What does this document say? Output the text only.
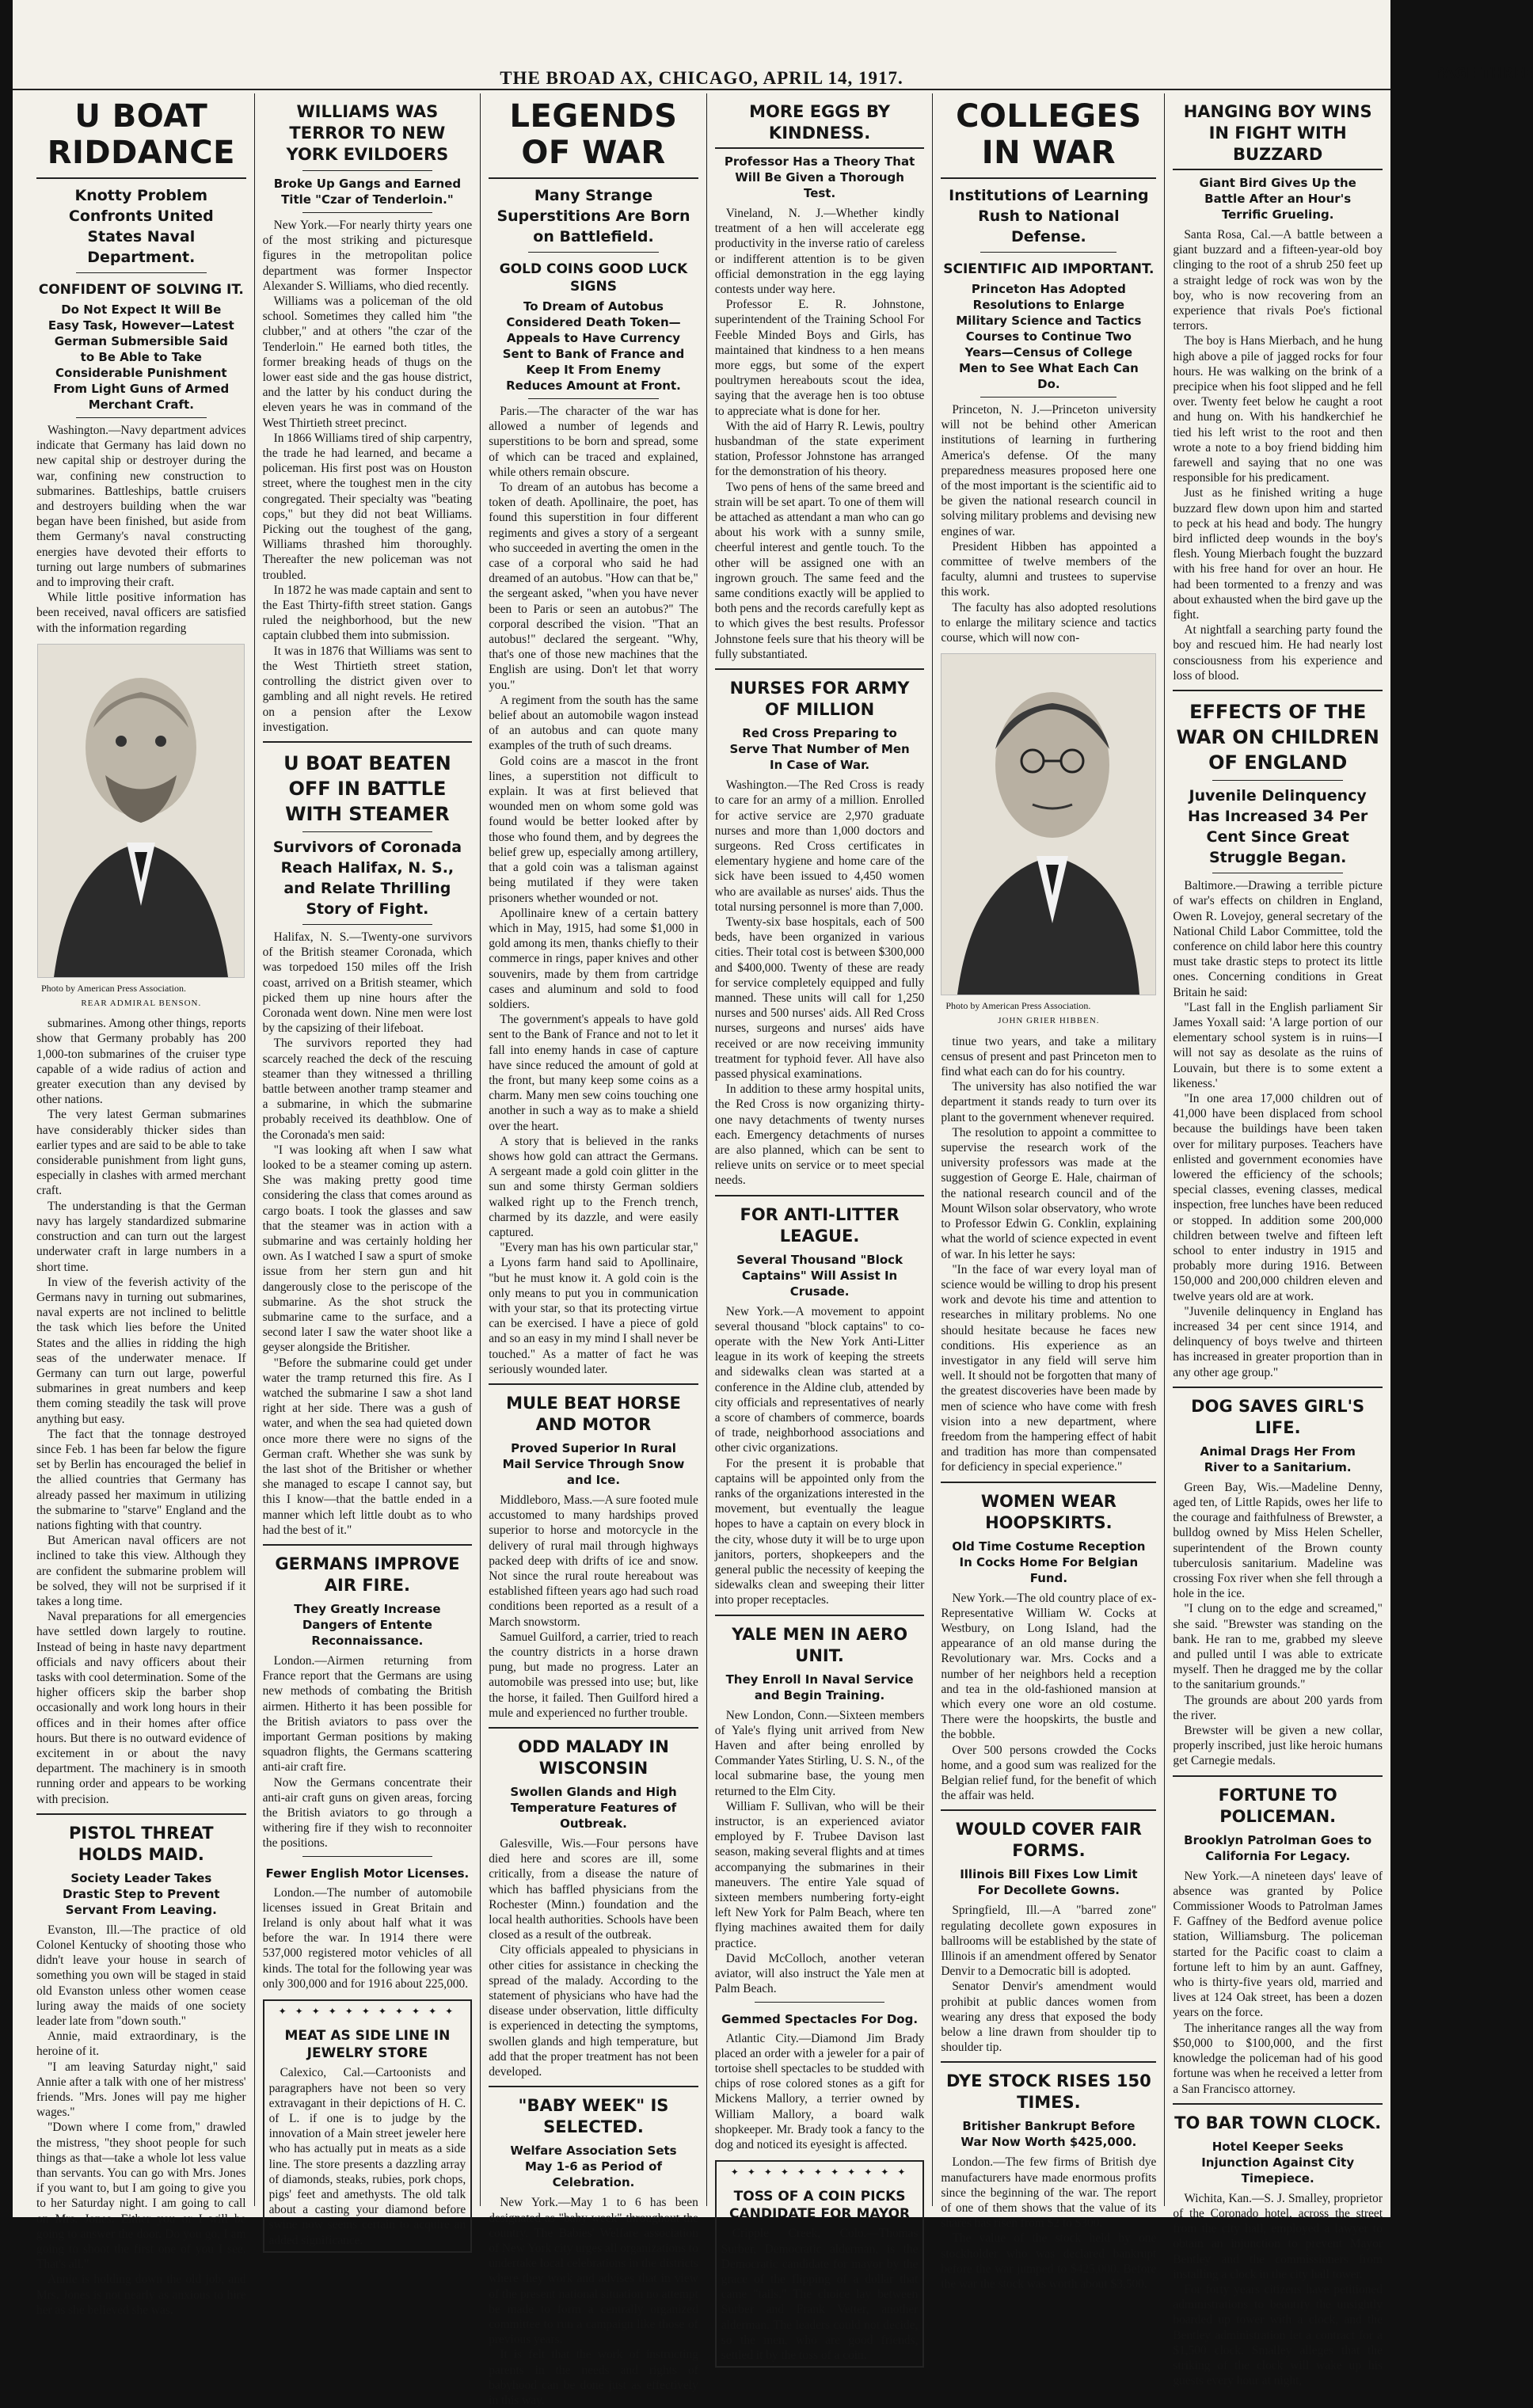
THE BROAD AX, CHICAGO, APRIL 14, 1917.	PAGE THREE
U BOAT RIDDANCE
Knotty Problem Confronts United States Naval Department.
CONFIDENT OF SOLVING IT.
Do Not Expect It Will Be Easy Task, However—Latest German Submersible Said to Be Able to Take Considerable Punishment From Light Guns of Armed Merchant Craft.

Washington.—Navy department advices indicate that Germany has laid down no new capital ship or destroyer during the war, confining new construction to submarines. Battleships, battle cruisers and destroyers building when the war began have been finished, but aside from them Germany's naval constructing energies have devoted their efforts to turning out large numbers of submarines and to improving their craft.

While little positive information has been received, naval officers are satisfied with the information regarding

Photo by American Press Association.
REAR ADMIRAL BENSON.

submarines. Among other things, reports show that Germany probably has 200 1,000-ton submarines of the cruiser type capable of a wide radius of action and greater execution than any devised by other nations.

The very latest German submarines have considerably thicker sides than earlier types and are said to be able to take considerable punishment from light guns, especially in clashes with armed merchant craft.

The understanding is that the German navy has largely standardized submarine construction and can turn out the largest underwater craft in large numbers in a short time.

In view of the feverish activity of the Germans navy in turning out submarines, naval experts are not inclined to belittle the task which lies before the United States and the allies in ridding the high seas of the underwater menace. If Germany can turn out large, powerful submarines in great numbers and keep them coming steadily the task will prove anything but easy.

The fact that the tonnage destroyed since Feb. 1 has been far below the figure set by Berlin has encouraged the belief in the allied countries that Germany has already passed her maximum in utilizing the submarine to "starve" England and the nations fighting with that country.

But American naval officers are not inclined to take this view. Although they are confident the submarine problem will be solved, they will not be surprised if it takes a long time.

Naval preparations for all emergencies have settled down largely to routine. Instead of being in haste navy department officials and navy officers about their tasks with cool determination. Some of the higher officers skip the barber shop occasionally and work long hours in their offices and in their homes after office hours. But there is no outward evidence of excitement in or about the navy department. The machinery is in smooth running order and appears to be working with precision.

PISTOL THREAT HOLDS MAID.
Society Leader Takes Drastic Step to Prevent Servant From Leaving.

Evanston, Ill.—The practice of old Colonel Kentucky of shooting those who didn't leave your house in search of something you own will be staged in staid old Evanston unless other women cease luring away the maids of one society leader late from "down south."

Annie, maid extraordinary, is the heroine of it.

"I am leaving Saturday night," said Annie after a talk with one of her mistress' friends. "Mrs. Jones will pay me higher wages."

"Down where I come from," drawled the mistress, "they shoot people for such things as that—take a whole lot less value than servants. You can go with Mrs. Jones if you want to, but I am going to give you to her Saturday night. I am going to call on Mrs. Jones. Either you or I will be going to answer the door. Do you go, I am going to shoot the first one of you I see. That's all."

Annie is holding down the old job, and Mrs. Jones is not nearly as anxious to hire her as she believed she was.

WILLIAMS WAS TERROR TO NEW YORK EVILDOERS
Broke Up Gangs and Earned Title "Czar of Tenderloin."

New York.—For nearly thirty years one of the most striking and picturesque figures in the metropolitan police department was former Inspector Alexander S. Williams, who died recently.

Williams was a policeman of the old school. Sometimes they called him "the clubber," and at others "the czar of the Tenderloin." He earned both titles, the former breaking heads of thugs on the lower east side and the gas house district, and the latter by his conduct during the eleven years he was in command of the West Thirtieth street precinct.

In 1866 Williams tired of ship carpentry, the trade he had learned, and became a policeman. His first post was on Houston street, where the toughest men in the city congregated. Their specialty was "beating cops," but they did not beat Williams. Picking out the toughest of the gang, Williams thrashed him thoroughly. Thereafter the new policeman was not troubled.

In 1872 he was made captain and sent to the East Thirty-fifth street station. Gangs ruled the neighborhood, but the new captain clubbed them into submission.

It was in 1876 that Williams was sent to the West Thirtieth street station, controlling the district given over to gambling and all night revels. He retired on a pension after the Lexow investigation.

U BOAT BEATEN OFF IN BATTLE WITH STEAMER
Survivors of Coronada Reach Halifax, N. S., and Relate Thrilling Story of Fight.

Halifax, N. S.—Twenty-one survivors of the British steamer Coronada, which was torpedoed 150 miles off the Irish coast, arrived on a British steamer, which picked them up nine hours after the Coronada went down. Nine men were lost by the capsizing of their lifeboat.

The survivors reported they had scarcely reached the deck of the rescuing steamer than they witnessed a thrilling battle between another tramp steamer and a submarine, in which the submarine probably received its deathblow. One of the Coronada's men said:

"I was looking aft when I saw what looked to be a steamer coming up astern. She was making pretty good time considering the class that comes around as cargo boats. I took the glasses and saw that the steamer was in action with a submarine and was certainly holding her own. As I watched I saw a spurt of smoke issue from her stern gun and hit dangerously close to the periscope of the submarine. As the shot struck the submarine came to the surface, and a second later I saw the water shoot like a geyser alongside the Britisher.

"Before the submarine could get under water the tramp returned this fire. As I watched the submarine I saw a shot land right at her side. There was a gush of water, and when the sea had quieted down once more there were no signs of the German craft. Whether she was sunk by the last shot of the Britisher or whether she managed to escape I cannot say, but this I know—that the battle ended in a manner which left little doubt as to who had the best of it."

GERMANS IMPROVE AIR FIRE.
They Greatly Increase Dangers of Entente Reconnaissance.

London.—Airmen returning from France report that the Germans are using new methods of combating the British airmen. Hitherto it has been possible for the British aviators to pass over the important German positions by making squadron flights, the Germans scattering anti-air craft fire.

Now the Germans concentrate their anti-air craft guns on given areas, forcing the British aviators to go through a withering fire if they wish to reconnoiter the positions.

Fewer English Motor Licenses.

London.—The number of automobile licenses issued in Great Britain and Ireland is only about half what it was before the war. In 1914 there were 537,000 registered motor vehicles of all kinds. The total for the following year was only 300,000 and for 1916 about 225,000.

✦ ✦ ✦ ✦ ✦ ✦ ✦ ✦ ✦ ✦ ✦
MEAT AS SIDE LINE IN JEWELRY STORE

Calexico, Cal.—Cartoonists and paragraphers have not been so very extravagant in their depictions of H. C. of L. if one is to judge by the innovation of a Main street jeweler here who has actually put in meats as a side line. The store presents a dazzling array of diamonds, steaks, rubies, pork chops, pigs' feet and amethysts. The old talk about a casting your diamond before swine now seems certain to acquire an added significance.

LEGENDS OF WAR
Many Strange Superstitions Are Born on Battlefield.
GOLD COINS GOOD LUCK SIGNS
To Dream of Autobus Considered Death Token—Appeals to Have Currency Sent to Bank of France and Keep It From Enemy Reduces Amount at Front.

Paris.—The character of the war has allowed a number of legends and superstitions to be born and spread, some of which can be traced and explained, while others remain obscure.

To dream of an autobus has become a token of death. Apollinaire, the poet, has found this superstition in four different regiments and gives a story of a sergeant who succeeded in averting the omen in the case of a corporal who said he had dreamed of an autobus. "How can that be," the sergeant asked, "when you have never been to Paris or seen an autobus?" The corporal described the vision. "That an autobus!" declared the sergeant. "Why, that's one of those new machines that the English are using. Don't let that worry you."

A regiment from the south has the same belief about an automobile wagon instead of an autobus and can quote many examples of the truth of such dreams.

Gold coins are a mascot in the front lines, a superstition not difficult to explain. It was at first believed that wounded men on whom some gold was found would be better looked after by those who found them, and by degrees the belief grew up, especially among artillery, that a gold coin was a talisman against being mutilated if they were taken prisoners whether wounded or not.

Apollinaire knew of a certain battery which in May, 1915, had some $1,000 in gold among its men, thanks chiefly to their commerce in rings, paper knives and other souvenirs, made by them from cartridge cases and aluminum and sold to food soldiers.

The government's appeals to have gold sent to the Bank of France and not to let it fall into enemy hands in case of capture have since reduced the amount of gold at the front, but many keep some coins as a charm. Many men sew coins touching one another in such a way as to make a shield over the heart.

A story that is believed in the ranks shows how gold can attract the Germans. A sergeant made a gold coin glitter in the sun and some thirsty German soldiers walked right up to the French trench, charmed by its dazzle, and were easily captured.

"Every man has his own particular star," a Lyons farm hand said to Apollinaire, "but he must know it. A gold coin is the only means to put you in communication with your star, so that its protecting virtue can be exercised. I have a piece of gold and so an easy in my mind I shall never be touched." As a matter of fact he was seriously wounded later.

MULE BEAT HORSE AND MOTOR
Proved Superior In Rural Mail Service Through Snow and Ice.

Middleboro, Mass.—A sure footed mule accustomed to many hardships proved superior to horse and motorcycle in the delivery of rural mail through highways packed deep with drifts of ice and snow. Not since the rural route hereabout was established fifteen years ago had such road conditions been reported as a result of a March snowstorm.

Samuel Guilford, a carrier, tried to reach the country districts in a horse drawn pung, but made no progress. Later an automobile was pressed into use; but, like the horse, it failed. Then Guilford hired a mule and experienced no further trouble.

ODD MALADY IN WISCONSIN
Swollen Glands and High Temperature Features of Outbreak.

Galesville, Wis.—Four persons have died here and scores are ill, some critically, from a disease the nature of which has baffled physicians from the Rochester (Minn.) foundation and the local health authorities. Schools have been closed as a result of the outbreak.

City officials appealed to physicians in other cities for assistance in checking the spread of the malady. According to the statement of physicians who have had the disease under observation, little difficulty is experienced in detecting the symptoms, swollen glands and high temperature, but add that the proper treatment has not been developed.

"BABY WEEK" IS SELECTED.
Welfare Association Sets May 1-6 as Period of Celebration.

New York.—May 1 to 6 has been designated as "baby week" throughout the country. The Babies' Welfare association of New York city urges all organizations to undertake local celebrations in the districts where they work and advises that in view of the present national situation no attempt be made to form a centrally organized committee to run a campaign like those of previous years.

It is felt that the work of instructing parents in the needs and rights of babyhood can be done just as effectively in this way.

MORE EGGS BY KINDNESS.
Professor Has a Theory That Will Be Given a Thorough Test.

Vineland, N. J.—Whether kindly treatment of a hen will accelerate egg productivity in the inverse ratio of careless or indifferent attention is to be given official demonstration in the egg laying contests under way here.

Professor E. R. Johnstone, superintendent of the Training School For Feeble Minded Boys and Girls, has maintained that kindness to a hen means more eggs, but some of the expert poultrymen hereabouts scout the idea, saying that the average hen is too obtuse to appreciate what is done for her.

With the aid of Harry R. Lewis, poultry husbandman of the state experiment station, Professor Johnstone has arranged for the demonstration of his theory.

Two pens of hens of the same breed and strain will be set apart. To one of them will be attached as attendant a man who can go about his work with a sunny smile, cheerful interest and gentle touch. To the other will be assigned one with an ingrown grouch. The same feed and the same conditions exactly will be applied to both pens and the records carefully kept as to which gives the best results. Professor Johnstone feels sure that his theory will be fully substantiated.

NURSES FOR ARMY OF MILLION
Red Cross Preparing to Serve That Number of Men In Case of War.

Washington.—The Red Cross is ready to care for an army of a million. Enrolled for active service are 2,970 graduate nurses and more than 1,000 doctors and surgeons. Red Cross certificates in elementary hygiene and home care of the sick have been issued to 4,450 women who are available as nurses' aids. Thus the total nursing personnel is more than 7,000.

Twenty-six base hospitals, each of 500 beds, have been organized in various cities. Their total cost is between $300,000 and $400,000. Twenty of these are ready for service completely equipped and fully manned. These units will call for 1,250 nurses and 500 nurses' aids. All Red Cross nurses, surgeons and nurses' aids have received or are now receiving immunity treatment for typhoid fever. All have also passed physical examinations.

In addition to these army hospital units, the Red Cross is now organizing thirty-one navy detachments of twenty nurses each. Emergency detachments of nurses are also planned, which can be sent to relieve units on service or to meet special needs.

FOR ANTI-LITTER LEAGUE.
Several Thousand "Block Captains" Will Assist In Crusade.

New York.—A movement to appoint several thousand "block captains" to co-operate with the New York Anti-Litter league in its work of keeping the streets and sidewalks clean was started at a conference in the Aldine club, attended by city officials and representatives of nearly a score of chambers of commerce, boards of trade, neighborhood associations and other civic organizations.

For the present it is probable that captains will be appointed only from the ranks of the organizations interested in the movement, but eventually the league hopes to have a captain on every block in the city, whose duty it will be to urge upon janitors, porters, shopkeepers and the general public the necessity of keeping the sidewalks clean and sweeping their litter into proper receptacles.

YALE MEN IN AERO UNIT.
They Enroll In Naval Service and Begin Training.

New London, Conn.—Sixteen members of Yale's flying unit arrived from New Haven and after being enrolled by Commander Yates Stirling, U. S. N., of the local submarine base, the young men returned to the Elm City.

William F. Sullivan, who will be their instructor, is an experienced aviator employed by F. Trubee Davison last season, making several flights and at times accompanying the submarines in their maneuvers. The entire Yale squad of sixteen members numbering forty-eight left New York for Palm Beach, where ten flying machines awaited them for daily practice.

David McColloch, another veteran aviator, will also instruct the Yale men at Palm Beach.

Gemmed Spectacles For Dog.

Atlantic City.—Diamond Jim Brady placed an order with a jeweler for a pair of tortoise shell spectacles to be studded with chips of rose colored stones as a gift for Mickens Mallory, a terrier owned by William Mallory, a board walk shopkeeper. Mr. Brady took a fancy to the dog and noticed its eyesight is affected.

✦ ✦ ✦ ✦ ✦ ✦ ✦ ✦ ✦ ✦ ✦
TOSS OF A COIN PICKS CANDIDATE FOR MAYOR

Cripple Creek, Colo.—Thomas Surber, Democratic alderman, is the Democratic candidate for mayor by the grace of the flipping of a dollar that came "tails." The choice lay between Surber and Frank Vetter, another alderman. The leaders could not decide, so the men, who are good friends, settled it by the toss of a coin.

COLLEGES IN WAR
Institutions of Learning Rush to National Defense.
SCIENTIFIC AID IMPORTANT.
Princeton Has Adopted Resolutions to Enlarge Military Science and Tactics Courses to Continue Two Years—Census of College Men to See What Each Can Do.

Princeton, N. J.—Princeton university will not be behind other American institutions of learning in furthering America's defense. Of the many preparedness measures proposed here one of the most important is the scientific aid to be given the national research council in solving military problems and devising new engines of war.

President Hibben has appointed a committee of twelve members of the faculty, alumni and trustees to supervise this work.

The faculty has also adopted resolutions to enlarge the military science and tactics course, which will now con-

Photo by American Press Association.
JOHN GRIER HIBBEN.

tinue two years, and take a military census of present and past Princeton men to find what each can do for his country.

The university has also notified the war department it stands ready to turn over its plant to the government whenever required.

The resolution to appoint a committee to supervise the research work of the university professors was made at the suggestion of George E. Hale, chairman of the national research council and of the Mount Wilson solar observatory, who wrote to Professor Edwin G. Conklin, explaining what the world of science expected in event of war. In his letter he says:

"In the face of war every loyal man of science would be willing to drop his present work and devote his time and attention to researches in military problems. No one should hesitate because he faces new conditions. His experience as an investigator in any field will serve him well. It should not be forgotten that many of the greatest discoveries have been made by men of science who have come with fresh vision into a new department, where freedom from the hampering effect of habit and tradition has more than compensated for deficiency in special experience."

WOMEN WEAR HOOPSKIRTS.
Old Time Costume Reception In Cocks Home For Belgian Fund.

New York.—The old country place of ex-Representative William W. Cocks at Westbury, on Long Island, had the appearance of an old manse during the Revolutionary war. Mrs. Cocks and a number of her neighbors held a reception and tea in the old-fashioned mansion at which every one wore an old costume. There were the hoopskirts, the bustle and the bobble.

Over 500 persons crowded the Cocks home, and a good sum was realized for the Belgian relief fund, for the benefit of which the affair was held.

WOULD COVER FAIR FORMS.
Illinois Bill Fixes Low Limit For Decollete Gowns.

Springfield, Ill.—A "barred zone" regulating decollete gown exposures in ballrooms will be established by the state of Illinois if an amendment offered by Senator Denvir to a Democratic bill is adopted.

Senator Denvir's amendment would prohibit at public dances women from wearing any dress that exposed the body below a line drawn from shoulder tip to shoulder tip.

DYE STOCK RISES 150 TIMES.
Britisher Bankrupt Before War Now Worth $425,000.

London.—The few firms of British dye manufacturers have made enormous profits since the beginning of the war. The report of one of them shows that the value of its shares has risen from $2 to $300.

The value of the stock held by one stockholder who was declared bankrupt before the war jumped to $425,000. Before the war the stock was worth about $3,500.

HANGING BOY WINS IN FIGHT WITH BUZZARD
Giant Bird Gives Up the Battle After an Hour's Terrific Grueling.

Santa Rosa, Cal.—A battle between a giant buzzard and a fifteen-year-old boy clinging to the root of a shrub 250 feet up a straight ledge of rock was won by the boy, who is now recovering from an experience that rivals Poe's fictional terrors.

The boy is Hans Mierbach, and he hung high above a pile of jagged rocks for four hours. He was walking on the brink of a precipice when his foot slipped and he fell over. Twenty feet below he caught a root and hung on. With his handkerchief he tied his left wrist to the root and then wrote a note to a boy friend bidding him farewell and saying that no one was responsible for his predicament.

Just as he finished writing a huge buzzard flew down upon him and started to peck at his head and body. The hungry bird inflicted deep wounds in the boy's flesh. Young Mierbach fought the buzzard with his free hand for over an hour. He had been tormented to a frenzy and was about exhausted when the bird gave up the fight.

At nightfall a searching party found the boy and rescued him. He had nearly lost consciousness from his experience and loss of blood.

EFFECTS OF THE WAR ON CHILDREN OF ENGLAND
Juvenile Delinquency Has Increased 34 Per Cent Since Great Struggle Began.

Baltimore.—Drawing a terrible picture of war's effects on children in England, Owen R. Lovejoy, general secretary of the National Child Labor Committee, told the conference on child labor here this country must take drastic steps to protect its little ones. Concerning conditions in Great Britain he said:

"Last fall in the English parliament Sir James Yoxall said: 'A large portion of our elementary school system is in ruins—I will not say as desolate as the ruins of Louvain, but there is to some extent a likeness.'

"In one area 17,000 children out of 41,000 have been displaced from school because the buildings have been taken over for military purposes. Teachers have enlisted and government economies have lowered the efficiency of the schools; special classes, evening classes, medical inspection, free lunches have been reduced or stopped. In addition some 200,000 children between twelve and fifteen left school to enter industry in 1915 and probably more during 1916. Between 150,000 and 200,000 children eleven and twelve years old are at work.

"Juvenile delinquency in England has increased 34 per cent since 1914, and delinquency of boys twelve and thirteen has increased in greater proportion than in any other age group."

DOG SAVES GIRL'S LIFE.
Animal Drags Her From River to a Sanitarium.

Green Bay, Wis.—Madeline Denny, aged ten, of Little Rapids, owes her life to the courage and faithfulness of Brewster, a bulldog owned by Miss Helen Scheller, superintendent of the Brown county tuberculosis sanitarium. Madeline was crossing Fox river when she fell through a hole in the ice.

"I clung on to the edge and screamed," she said. "Brewster was standing on the bank. He ran to me, grabbed my sleeve and pulled until I was able to extricate myself. Then he dragged me by the collar to the sanitarium grounds."

The grounds are about 200 yards from the river.

Brewster will be given a new collar, properly inscribed, just like heroic humans get Carnegie medals.

FORTUNE TO POLICEMAN.
Brooklyn Patrolman Goes to California For Legacy.

New York.—A nineteen days' leave of absence was granted by Police Commissioner Woods to Patrolman James F. Gaffney of the Bedford avenue police station, Williamsburg. The policeman started for the Pacific coast to claim a fortune left to him by an aunt. Gaffney, who is thirty-five years old, married and lives at 124 Oak street, has been a dozen years on the force.

The inheritance ranges all the way from $50,000 to $100,000, and the first knowledge the policeman had of his good fortune was when he received a letter from a San Francisco attorney.

TO BAR TOWN CLOCK.
Hotel Keeper Seeks Injunction Against City Timepiece.

Wichita, Kan.—S. J. Smalley, proprietor of the Coronado hotel, across the street from the city hall, employed a lawyer to obtain an injunction to prevent Mayor Bentley and the commissioners from installing a clock in the city hall tower.

For forty years citizens have petitioned administrations to beautify the unsightly boarded up tower with a clock, and the Bentley administration let a contract for a $1,500 clock. Smalley alleges that the striking of the clock will wake up his guests every hour at night,
